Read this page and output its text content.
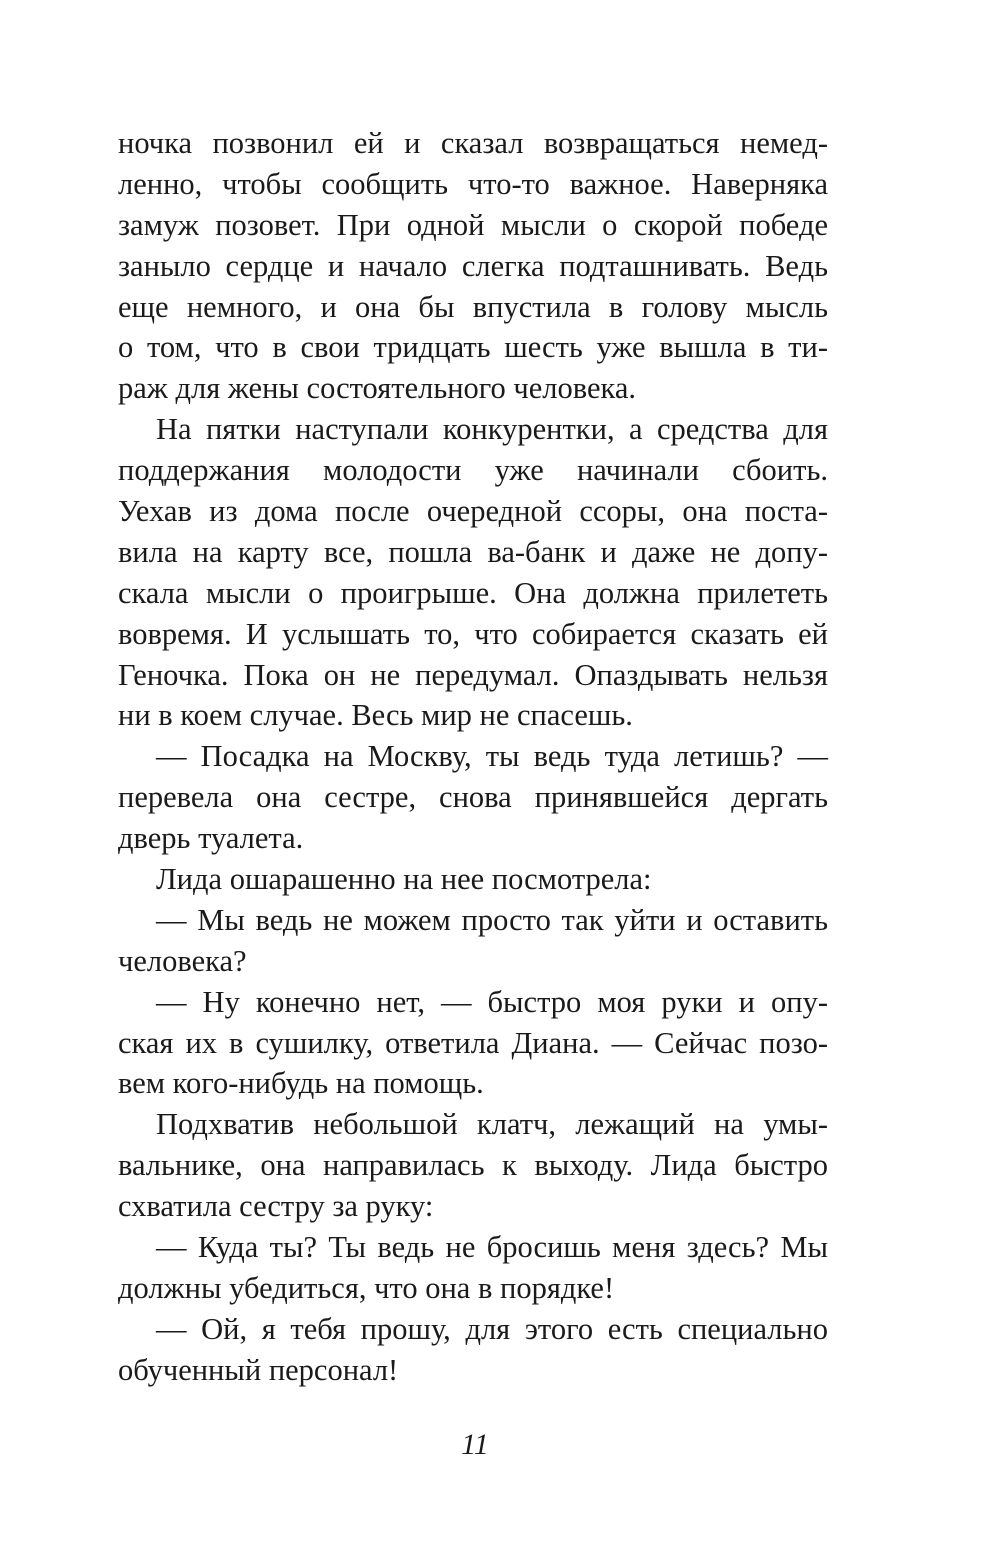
ночка позвонил ей и сказал возвращаться немед-
ленно, чтобы сообщить что-то важное. Наверняка
замуж позовет. При одной мысли о скорой победе
заныло сердце и начало слегка подташнивать. Ведь
еще немного, и она бы впустила в голову мысль
о том, что в свои тридцать шесть уже вышла в ти-
раж для жены состоятельного человека.
На пятки наступали конкурентки, а средства для
поддержания молодости уже начинали сбоить.
Уехав из дома после очередной ссоры, она поста-
вила на карту все, пошла ва-банк и даже не допу-
скала мысли о проигрыше. Она должна прилететь
вовремя. И услышать то, что собирается сказать ей
Геночка. Пока он не передумал. Опаздывать нельзя
ни в коем случае. Весь мир не спасешь.
— Посадка на Москву, ты ведь туда летишь? —
перевела она сестре, снова принявшейся дергать
дверь туалета.
Лида ошарашенно на нее посмотрела:
— Мы ведь не можем просто так уйти и оставить
человека?
— Ну конечно нет, — быстро моя руки и опу-
ская их в сушилку, ответила Диана. — Сейчас позо-
вем кого-нибудь на помощь.
Подхватив небольшой клатч, лежащий на умы-
вальнике, она направилась к выходу. Лида быстро
схватила сестру за руку:
— Куда ты? Ты ведь не бросишь меня здесь? Мы
должны убедиться, что она в порядке!
— Ой, я тебя прошу, для этого есть специально
обученный персонал!
11
